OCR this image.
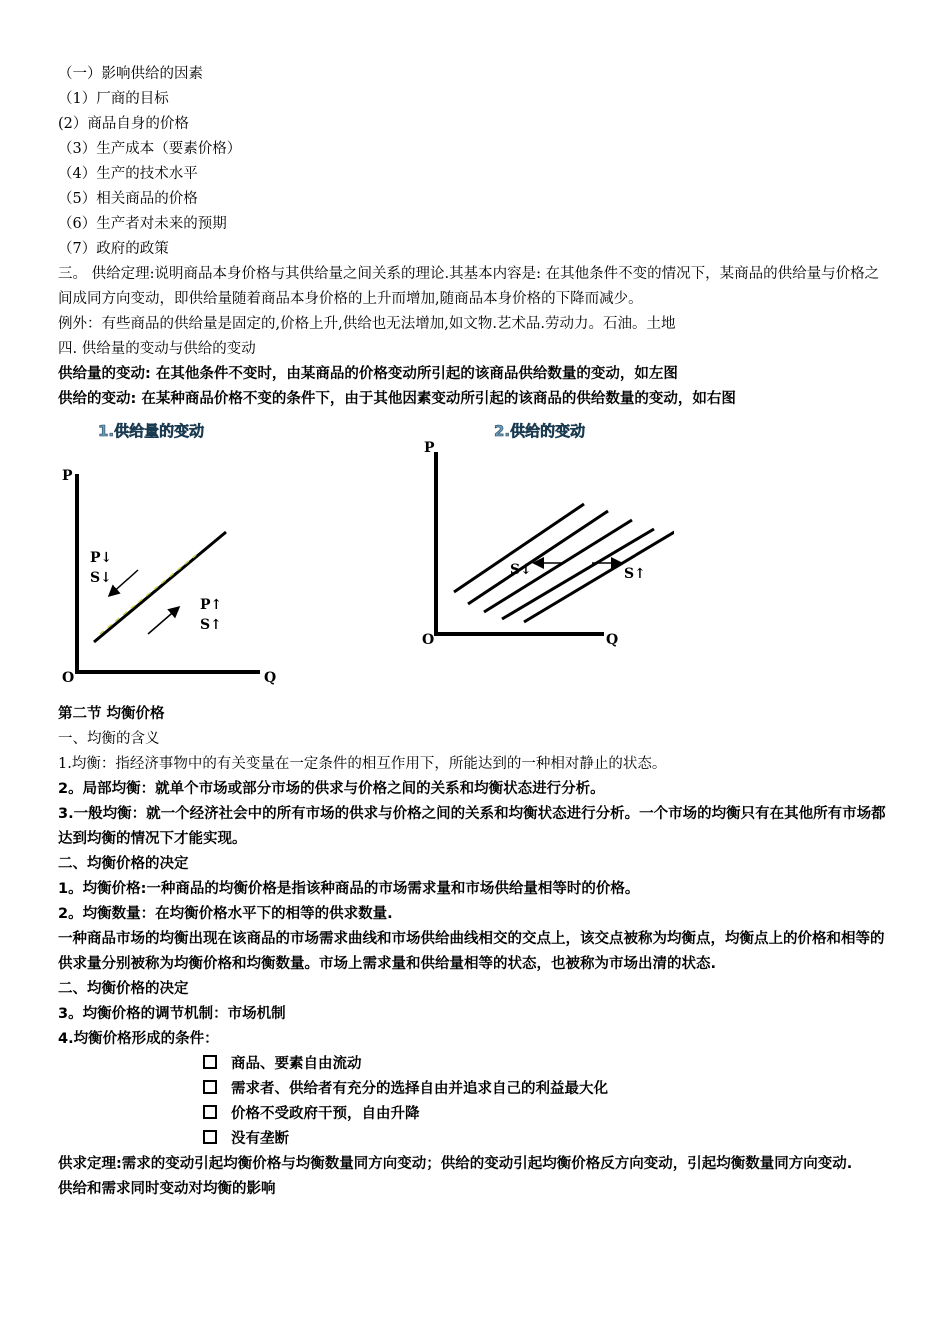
（一）影响供给的因素
（1）厂商的目标
(2）商品自身的价格
（3）生产成本（要素价格）
（4）生产的技术水平
（5）相关商品的价格
（6）生产者对未来的预期
（7）政府的政策
三。 供给定理:说明商品本身价格与其供给量之间关系的理论.其基本内容是: 在其他条件不变的情况下，某商品的供给量与价格之间成同方向变动，即供给量随着商品本身价格的上升而增加,随商品本身价格的下降而减少。
例外：有些商品的供给量是固定的,价格上升,供给也无法增加,如文物.艺术品.劳动力。石油。土地
四. 供给量的变动与供给的变动
供给量的变动: 在其他条件不变时，由某商品的价格变动所引起的该商品供给数量的变动，如左图
供给的变动: 在某种商品价格不变的条件下，由于其他因素变动所引起的该商品的供给数量的变动，如右图
1.供给量的变动
P
O	Q
P↓
S↓
P↑
S↑
2.供给的变动
P
O	Q
S↓	S↑
第二节 均衡价格
一、均衡的含义
1.均衡：指经济事物中的有关变量在一定条件的相互作用下，所能达到的一种相对静止的状态。
2。局部均衡：就单个市场或部分市场的供求与价格之间的关系和均衡状态进行分析。
3.一般均衡：就一个经济社会中的所有市场的供求与价格之间的关系和均衡状态进行分析。一个市场的均衡只有在其他所有市场都达到均衡的情况下才能实现。
二、均衡价格的决定
1。均衡价格:一种商品的均衡价格是指该种商品的市场需求量和市场供给量相等时的价格。
2。均衡数量：在均衡价格水平下的相等的供求数量.
一种商品市场的均衡出现在该商品的市场需求曲线和市场供给曲线相交的交点上，该交点被称为均衡点，均衡点上的价格和相等的供求量分别被称为均衡价格和均衡数量。市场上需求量和供给量相等的状态，也被称为市场出清的状态.
二、均衡价格的决定
3。均衡价格的调节机制：市场机制
4.均衡价格形成的条件：
商品、要素自由流动
需求者、供给者有充分的选择自由并追求自己的利益最大化
价格不受政府干预，自由升降
没有垄断
供求定理:需求的变动引起均衡价格与均衡数量同方向变动；供给的变动引起均衡价格反方向变动，引起均衡数量同方向变动.
供给和需求同时变动对均衡的影响
